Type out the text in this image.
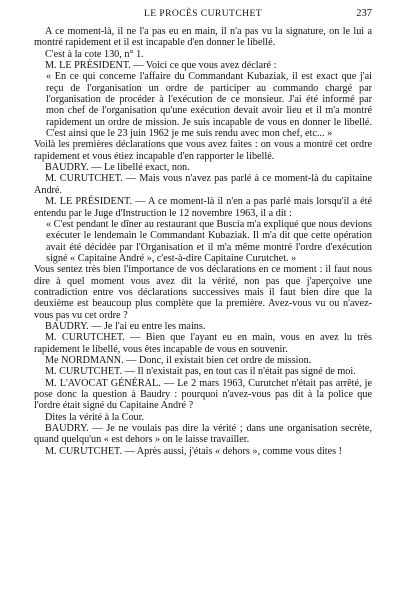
LE PROCÈS CURUTCHET	237

A ce moment-là, il ne l'a pas eu en main, il n'a pas vu la signature, on le lui a montré rapidement et il est incapable d'en donner le libellé.

C'est à la cote 130, n° 1.

M. LE PRÉSIDENT. — Voici ce que vous avez déclaré :

« En ce qui concerne l'affaire du Commandant Kubaziak, il est exact que j'ai reçu de l'organisation un ordre de participer au commando chargé par l'organisation de procéder à l'exécution de ce monsieur. J'ai été informé par mon chef de l'organisation qu'une exécution devait avoir lieu et il m'a montré rapidement un ordre de mission. Je suis incapable de vous en donner le libellé. C'est ainsi que le 23 juin 1962 je me suis rendu avec mon chef, etc... »

Voilà les premières déclarations que vous avez faites : on vous a montré cet ordre rapidement et vous étiez incapable d'en rapporter le libellé.

BAUDRY. — Le libellé exact, non.

M. CURUTCHET. — Mais vous n'avez pas parlé à ce moment-là du capitaine André.

M. LE PRÉSIDENT. — A ce moment-là il n'en a pas parlé mais lorsqu'il a été entendu par le Juge d'Instruction le 12 novembre 1963, il a dit :

« C'est pendant le dîner au restaurant que Buscia m'a expliqué que nous devions exécuter le lendemain le Commandant Kubaziak. Il m'a dit que cette opération avait été décidée par l'Organisation et il m'a même montré l'ordre d'exécution signé « Capitaine André », c'est-à-dire Capitaine Curutchet. »

Vous sentez très bien l'importance de vos déclarations en ce moment : il faut nous dire à quel moment vous avez dit la vérité, non pas que j'aperçoive une contradiction entre vos déclarations successives mais il faut bien dire que la deuxième est beaucoup plus complète que la première. Avez-vous vu ou n'avez-vous pas vu cet ordre ?

BAUDRY. — Je l'ai eu entre les mains.

M. CURUTCHET. — Bien que l'ayant eu en main, vous en avez lu très rapidement le libellé, vous êtes incapable de vous en souvenir.

Me NORDMANN. — Donc, il existait bien cet ordre de mission.

M. CURUTCHET. — Il n'existait pas, en tout cas il n'était pas signé de moi.

M. L'AVOCAT GÉNÉRAL. — Le 2 mars 1963, Curutchet n'était pas arrêté, je pose donc la question à Baudry : pourquoi n'avez-vous pas dit à la police que l'ordre était signé du Capitaine André ?

Dites la vérité à la Cour.

BAUDRY. — Je ne voulais pas dire la vérité ; dans une organisation secrète, quand quelqu'un « est dehors » on le laisse travailler.

M. CURUTCHET. — Après aussi, j'étais « dehors », comme vous dites !
